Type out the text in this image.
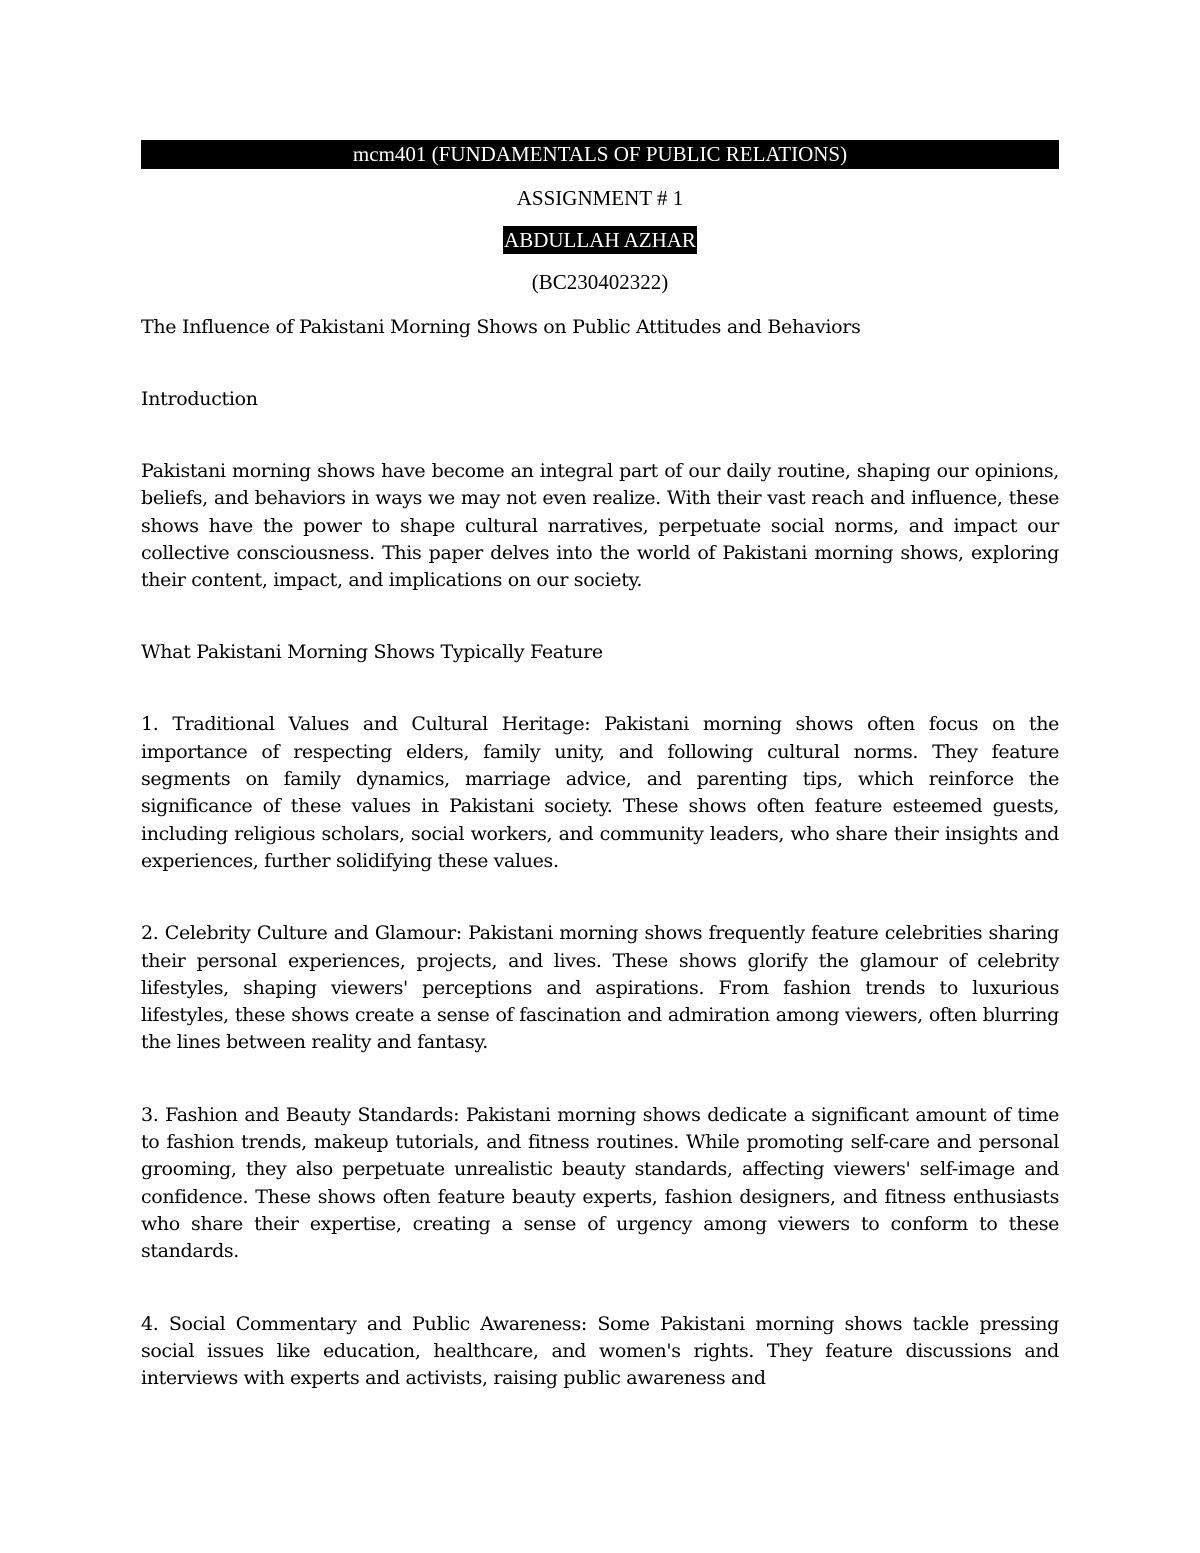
mcm401 (FUNDAMENTALS OF PUBLIC RELATIONS)

ASSIGNMENT # 1

ABDULLAH AZHAR

(BC230402322)

The Influence of Pakistani Morning Shows on Public Attitudes and Behaviors

Introduction

Pakistani morning shows have become an integral part of our daily routine, shaping our opinions, beliefs, and behaviors in ways we may not even realize. With their vast reach and influence, these shows have the power to shape cultural narratives, perpetuate social norms, and impact our collective consciousness. This paper delves into the world of Pakistani morning shows, exploring their content, impact, and implications on our society.

What Pakistani Morning Shows Typically Feature

1. Traditional Values and Cultural Heritage: Pakistani morning shows often focus on the importance of respecting elders, family unity, and following cultural norms. They feature segments on family dynamics, marriage advice, and parenting tips, which reinforce the significance of these values in Pakistani society. These shows often feature esteemed guests, including religious scholars, social workers, and community leaders, who share their insights and experiences, further solidifying these values.

2. Celebrity Culture and Glamour: Pakistani morning shows frequently feature celebrities sharing their personal experiences, projects, and lives. These shows glorify the glamour of celebrity lifestyles, shaping viewers' perceptions and aspirations. From fashion trends to luxurious lifestyles, these shows create a sense of fascination and admiration among viewers, often blurring the lines between reality and fantasy.

3. Fashion and Beauty Standards: Pakistani morning shows dedicate a significant amount of time to fashion trends, makeup tutorials, and fitness routines. While promoting self-care and personal grooming, they also perpetuate unrealistic beauty standards, affecting viewers' self-image and confidence. These shows often feature beauty experts, fashion designers, and fitness enthusiasts who share their expertise, creating a sense of urgency among viewers to conform to these standards.

4. Social Commentary and Public Awareness: Some Pakistani morning shows tackle pressing social issues like education, healthcare, and women's rights. They feature discussions and interviews with experts and activists, raising public awareness and
